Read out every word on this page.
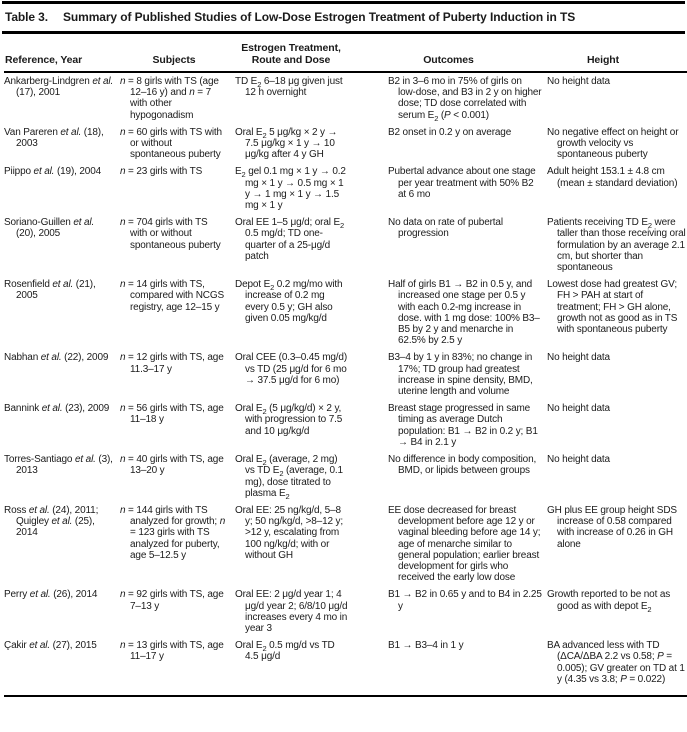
Table 3. Summary of Published Studies of Low-Dose Estrogen Treatment of Puberty Induction in TS
Reference, Year	Subjects	Estrogen Treatment, Route and Dose	Outcomes	Height
Ankarberg-Lindgren et al. (17), 2001	n = 8 girls with TS (age 12–16 y) and n = 7 with other hypogonadism	TD $E_2$ 6–18 μg given just 12 h overnight	B2 in 3–6 mo in 75% of girls on low-dose, and B3 in 2 y on higher dose; TD dose correlated with serum $E_2$ (P < 0.001)	No height data
Van Pareren et al. (18), 2003	n = 60 girls with TS with or without spontaneous puberty	Oral $E_2$ 5 μg/kg × 2 y → 7.5 μg/kg × 1 y → 10 μg/kg after 4 y GH	B2 onset in 0.2 y on average	No negative effect on height or growth velocity vs spontaneous puberty
Piippo et al. (19), 2004	n = 23 girls with TS	$E_2$ gel 0.1 mg × 1 y → 0.2 mg × 1 y → 0.5 mg × 1 y → 1 mg × 1 y → 1.5 mg × 1 y	Pubertal advance about one stage per year treatment with 50% B2 at 6 mo	Adult height 153.1 ± 4.8 cm (mean ± standard deviation)
Soriano-Guillen et al. (20), 2005	n = 704 girls with TS with or without spontaneous puberty	Oral EE 1–5 μg/d; oral $E_2$ 0.5 mg/d; TD one-quarter of a 25-μg/d patch	No data on rate of pubertal progression	Patients receiving TD $E_2$ were taller than those receiving oral formulation by an average 2.1 cm, but shorter than spontaneous
Rosenfield et al. (21), 2005	n = 14 girls with TS, compared with NCGS registry, age 12–15 y	Depot $E_2$ 0.2 mg/mo with increase of 0.2 mg every 0.5 y; GH also given 0.05 mg/kg/d	Half of girls B1 → B2 in 0.5 y, and increased one stage per 0.5 y with each 0.2-mg increase in dose. with 1 mg dose: 100% B3–B5 by 2 y and menarche in 62.5% by 2.5 y	Lowest dose had greatest GV; FH > PAH at start of treatment; FH > GH alone, growth not as good as in TS with spontaneous puberty
Nabhan et al. (22), 2009	n = 12 girls with TS, age 11.3–17 y	Oral CEE (0.3–0.45 mg/d) vs TD (25 μg/d for 6 mo → 37.5 μg/d for 6 mo)	B3–4 by 1 y in 83%; no change in 17%; TD group had greatest increase in spine density, BMD, uterine length and volume	No height data
Bannink et al. (23), 2009	n = 56 girls with TS, age 11–18 y	Oral $E_2$ (5 μg/kg/d) × 2 y, with progression to 7.5 and 10 μg/kg/d	Breast stage progressed in same timing as average Dutch population: B1 → B2 in 0.2 y; B1 → B4 in 2.1 y	No height data
Torres-Santiago et al. (3), 2013	n = 40 girls with TS, age 13–20 y	Oral $E_2$ (average, 2 mg) vs TD $E_2$ (average, 0.1 mg), dose titrated to plasma $E_2$	No difference in body composition, BMD, or lipids between groups	No height data
Ross et al. (24), 2011; Quigley et al. (25), 2014	n = 144 girls with TS analyzed for growth; n = 123 girls with TS analyzed for puberty, age 5–12.5 y	Oral EE: 25 ng/kg/d, 5–8 y; 50 ng/kg/d, >8–12 y; >12 y, escalating from 100 ng/kg/d; with or without GH	EE dose decreased for breast development before age 12 y or vaginal bleeding before age 14 y; age of menarche similar to general population; earlier breast development for girls who received the early low dose	GH plus EE group height SDS increase of 0.58 compared with increase of 0.26 in GH alone
Perry et al. (26), 2014	n = 92 girls with TS, age 7–13 y	Oral EE: 2 μg/d year 1; 4 μg/d year 2; 6/8/10 μg/d increases every 4 mo in year 3	B1 → B2 in 0.65 y and to B4 in 2.25 y	Growth reported to be not as good as with depot $E_2$
Çakir et al. (27), 2015	n = 13 girls with TS, age 11–17 y	Oral $E_2$ 0.5 mg/d vs TD 4.5 μg/d	B1 → B3–4 in 1 y	BA advanced less with TD (ΔCA/ΔBA 2.2 vs 0.58; P = 0.005); GV greater on TD at 1 y (4.35 vs 3.8; P = 0.022)
